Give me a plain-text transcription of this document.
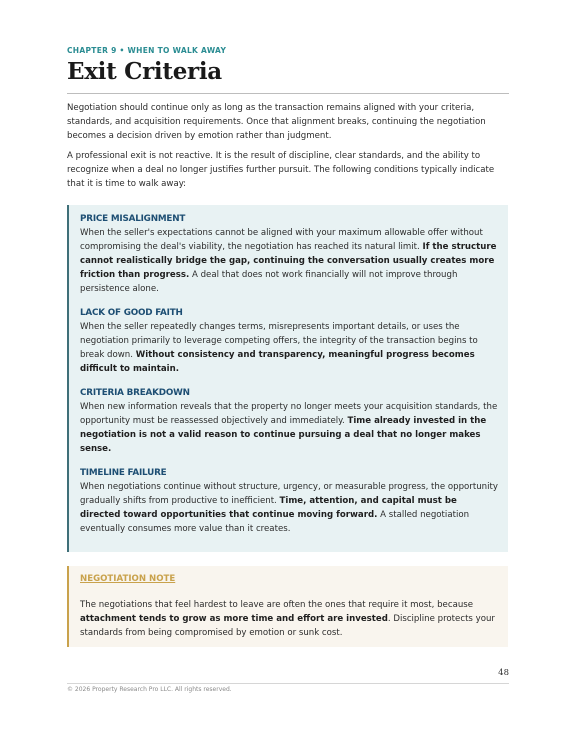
CHAPTER 9 • WHEN TO WALK AWAY
Exit Criteria

Negotiation should continue only as long as the transaction remains aligned with your criteria, standards, and acquisition requirements. Once that alignment breaks, continuing the negotiation becomes a decision driven by emotion rather than judgment.

A professional exit is not reactive. It is the result of discipline, clear standards, and the ability to recognize when a deal no longer justifies further pursuit. The following conditions typically indicate that it is time to walk away:

PRICE MISALIGNMENT

When the seller's expectations cannot be aligned with your maximum allowable offer without compromising the deal's viability, the negotiation has reached its natural limit. If the structure cannot realistically bridge the gap, continuing the conversation usually creates more friction than progress. A deal that does not work financially will not improve through persistence alone.

LACK OF GOOD FAITH

When the seller repeatedly changes terms, misrepresents important details, or uses the negotiation primarily to leverage competing offers, the integrity of the transaction begins to break down. Without consistency and transparency, meaningful progress becomes difficult to maintain.

CRITERIA BREAKDOWN

When new information reveals that the property no longer meets your acquisition standards, the opportunity must be reassessed objectively and immediately. Time already invested in the negotiation is not a valid reason to continue pursuing a deal that no longer makes sense.

TIMELINE FAILURE

When negotiations continue without structure, urgency, or measurable progress, the opportunity gradually shifts from productive to inefficient. Time, attention, and capital must be directed toward opportunities that continue moving forward. A stalled negotiation eventually consumes more value than it creates.

NEGOTIATION NOTE

The negotiations that feel hardest to leave are often the ones that require it most, because attachment tends to grow as more time and effort are invested. Discipline protects your standards from being compromised by emotion or sunk cost.

48
© 2026 Property Research Pro LLC. All rights reserved.
